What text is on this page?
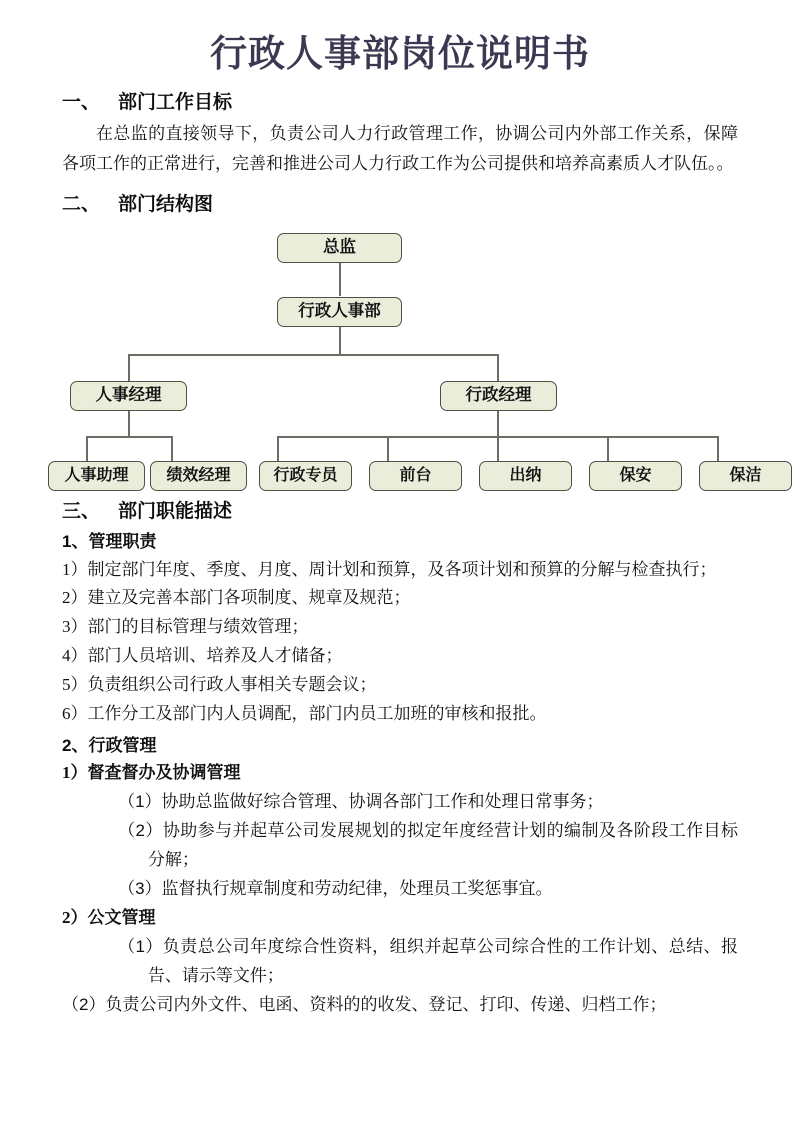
行政人事部岗位说明书
一、 部门工作目标
在总监的直接领导下，负责公司人力行政管理工作，协调公司内外部工作关系，保障各项工作的正常进行，完善和推进公司人力行政工作为公司提供和培养高素质人才队伍。。
二、 部门结构图
总监
行政人事部
人事经理	行政经理
人事助理	绩效经理	行政专员	前台	出纳	保安	保洁
三、 部门职能描述
1、管理职责
1）制定部门年度、季度、月度、周计划和预算，及各项计划和预算的分解与检查执行；
2）建立及完善本部门各项制度、规章及规范；
3）部门的目标管理与绩效管理；
4）部门人员培训、培养及人才储备；
5）负责组织公司行政人事相关专题会议；
6）工作分工及部门内人员调配，部门内员工加班的审核和报批。
2、行政管理
1）督查督办及协调管理
（1）协助总监做好综合管理、协调各部门工作和处理日常事务；
（2）协助参与并起草公司发展规划的拟定年度经营计划的编制及各阶段工作目标分解；
（3）监督执行规章制度和劳动纪律，处理员工奖惩事宜。
2）公文管理
（1）负责总公司年度综合性资料，组织并起草公司综合性的工作计划、总结、报告、请示等文件；
（2）负责公司内外文件、电函、资料的的收发、登记、打印、传递、归档工作；
